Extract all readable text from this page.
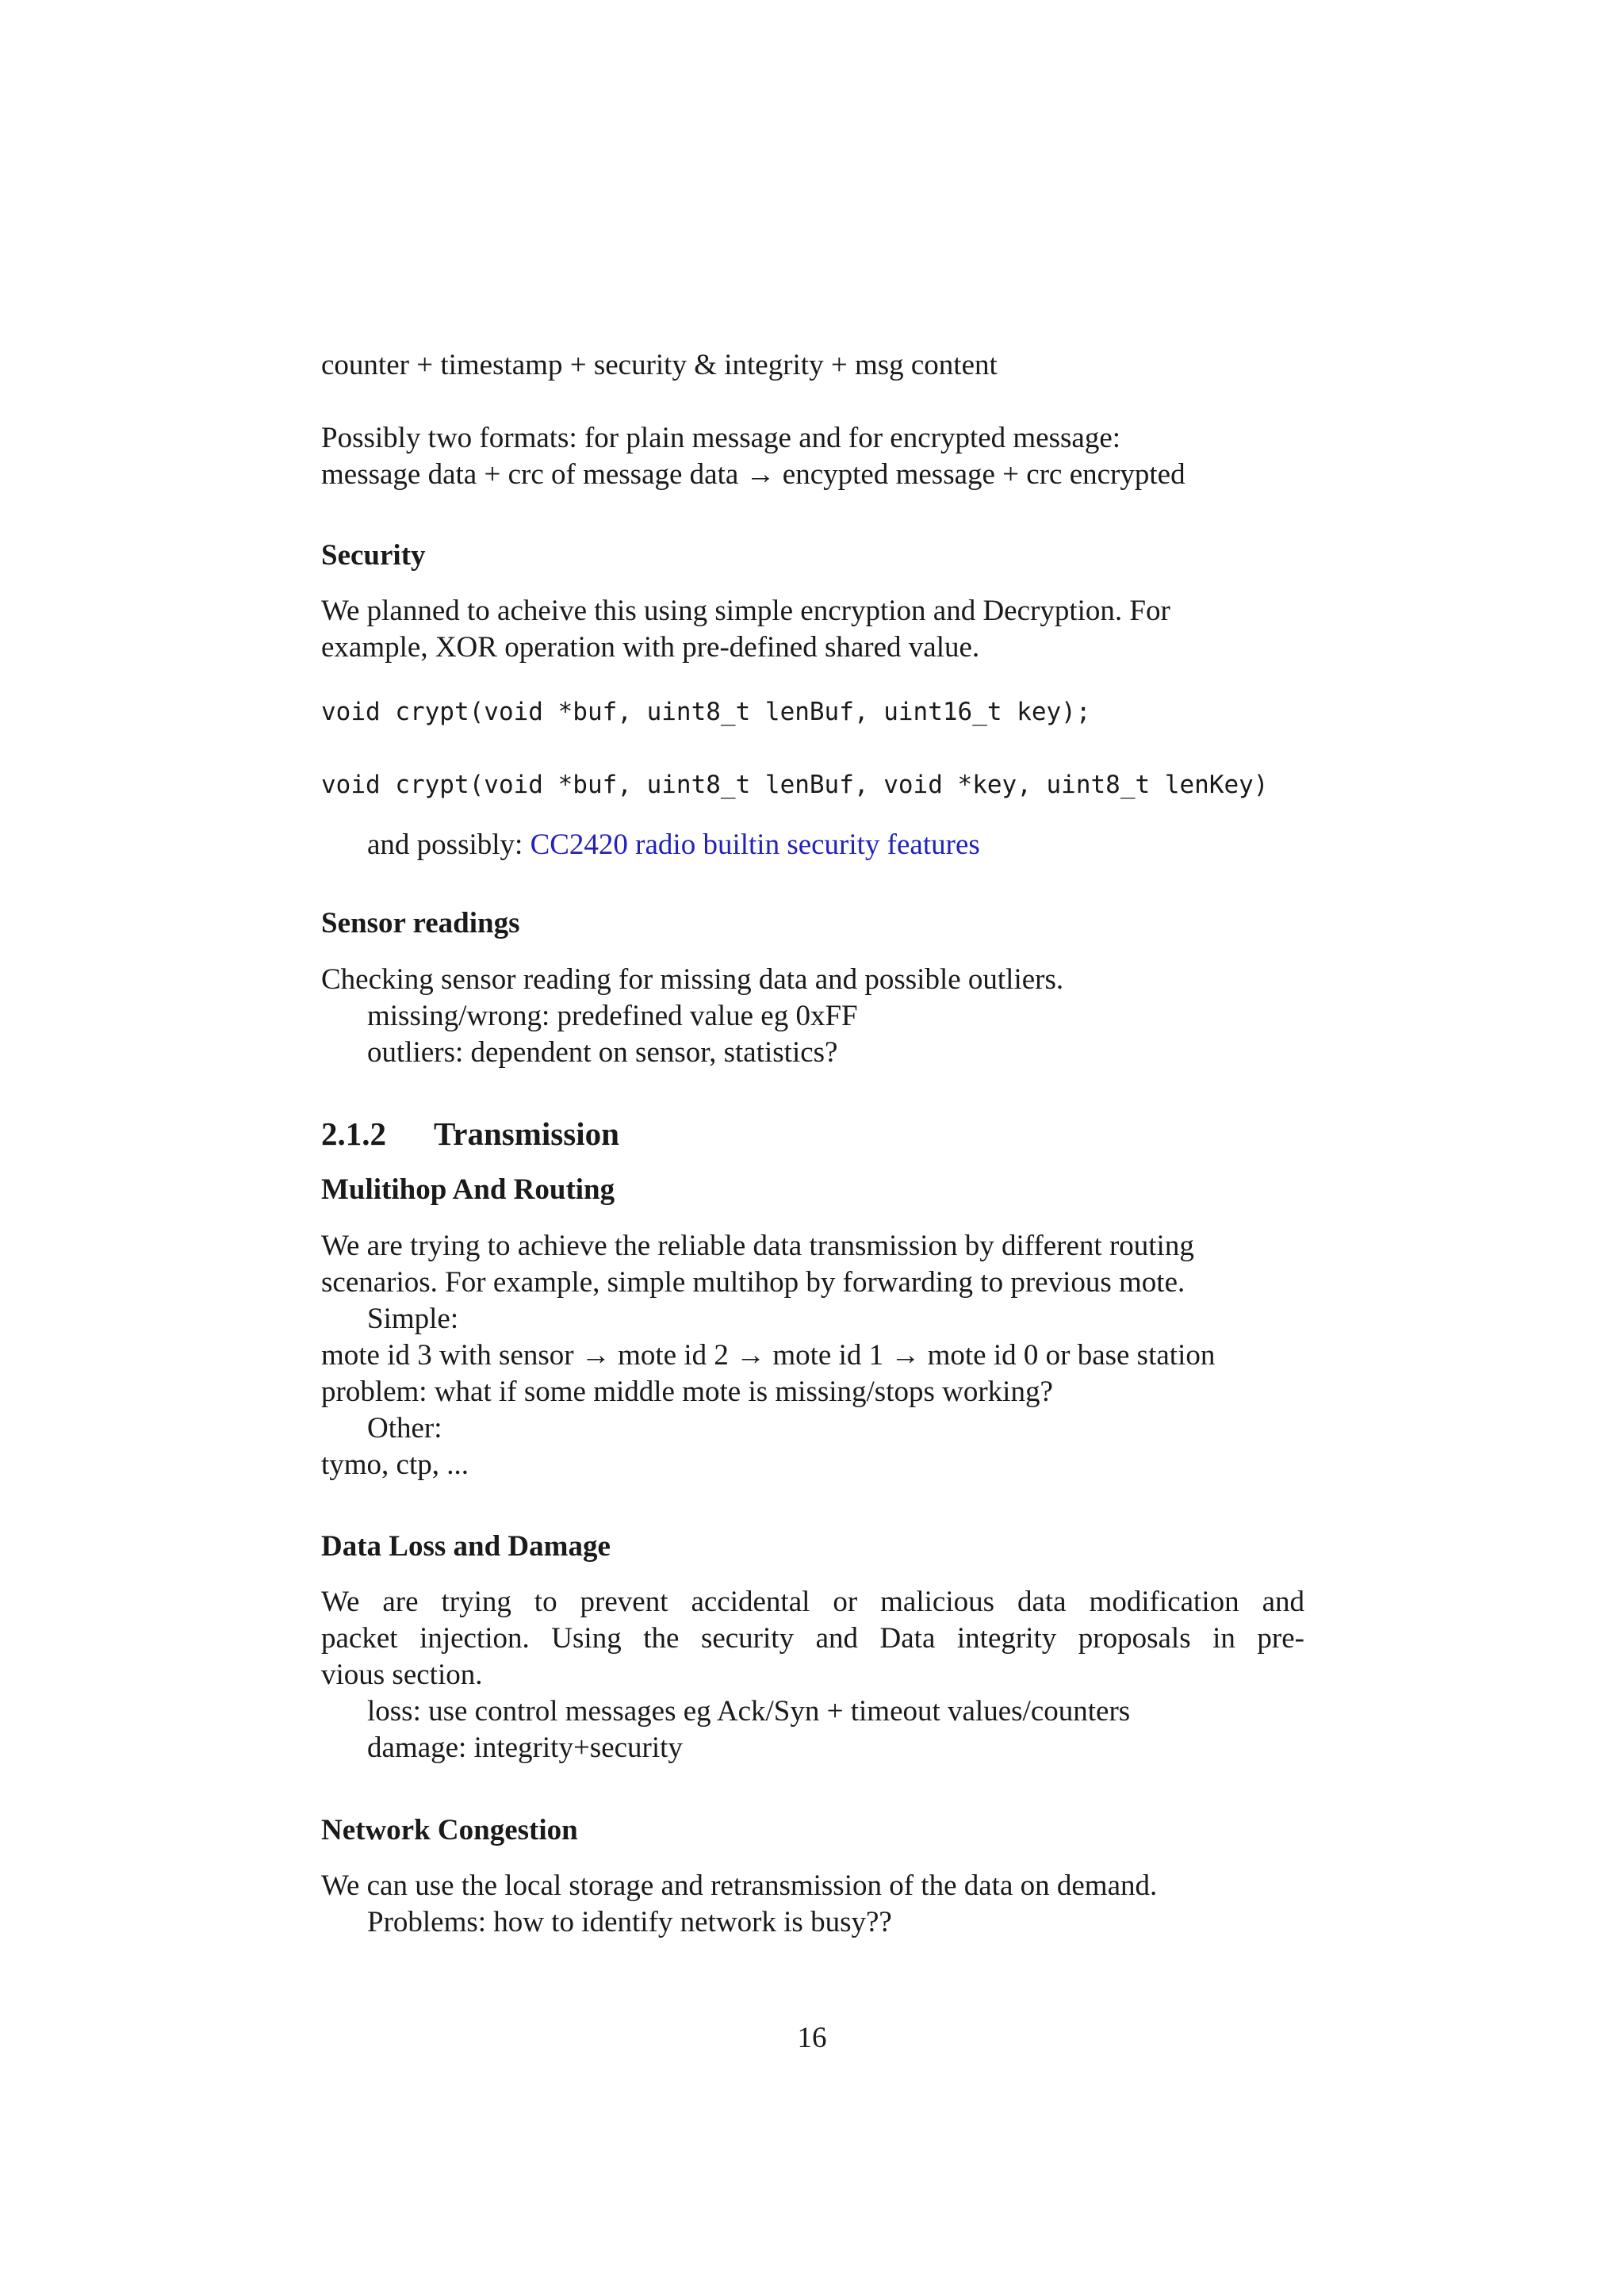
counter + timestamp + security & integrity + msg content

Possibly two formats: for plain message and for encrypted message:
message data + crc of message data → encypted message + crc encrypted

Security

We planned to acheive this using simple encryption and Decryption. For
example, XOR operation with pre-defined shared value.

void crypt(void *buf, uint8_t lenBuf, uint16_t key);
void crypt(void *buf, uint8_t lenBuf, void *key, uint8_t lenKey)

and possibly: CC2420 radio builtin security features

Sensor readings

Checking sensor reading for missing data and possible outliers.
missing/wrong: predefined value eg 0xFF
outliers: dependent on sensor, statistics?

2.1.2 Transmission
Mulitihop And Routing

We are trying to achieve the reliable data transmission by different routing
scenarios. For example, simple multihop by forwarding to previous mote.
Simple:
mote id 3 with sensor → mote id 2 → mote id 1 → mote id 0 or base station
problem: what if some middle mote is missing/stops working?
Other:
tymo, ctp, ...

Data Loss and Damage

We are trying to prevent accidental or malicious data modification and
packet injection. Using the security and Data integrity proposals in pre-
vious section.
loss: use control messages eg Ack/Syn + timeout values/counters
damage: integrity+security

Network Congestion

We can use the local storage and retransmission of the data on demand.
Problems: how to identify network is busy??

16
